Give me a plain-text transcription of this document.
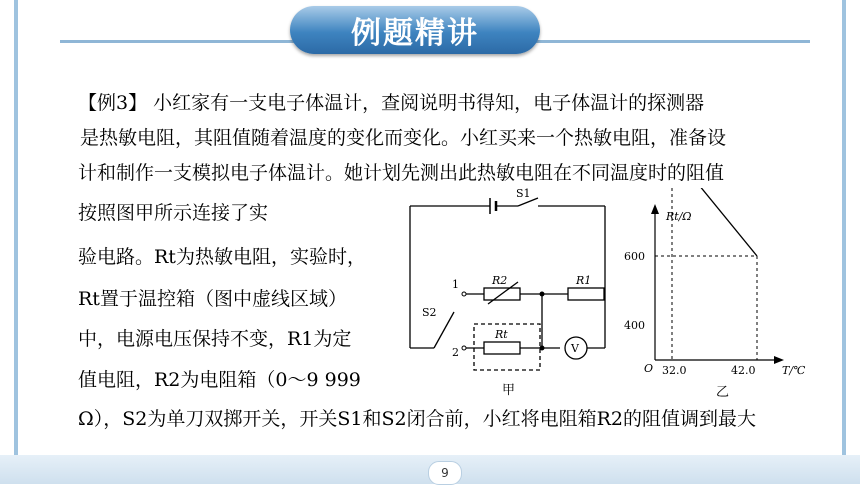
例题精讲
【例3】 小红家有一支电子体温计，查阅说明书得知，电子体温计的探测器
是热敏电阻，其阻值随着温度的变化而变化。小红买来一个热敏电阻，准备设
计和制作一支模拟电子体温计。她计划先测出此热敏电阻在不同温度时的阻值
按照图甲所示连接了实
验电路。Rt为热敏电阻，实验时，
Rt置于温控箱（图中虚线区域）
中，电源电压保持不变，R1为定
值电阻，R2为电阻箱（0～9 999
Ω），S2为单刀双掷开关，开关S1和S2闭合前，小红将电阻箱R2的阻值调到最大
S1
S2
R2	R1
Rt
V
1
2
甲
Rt/Ω
T/℃
O
600
400
32.0	42.0
乙
9
